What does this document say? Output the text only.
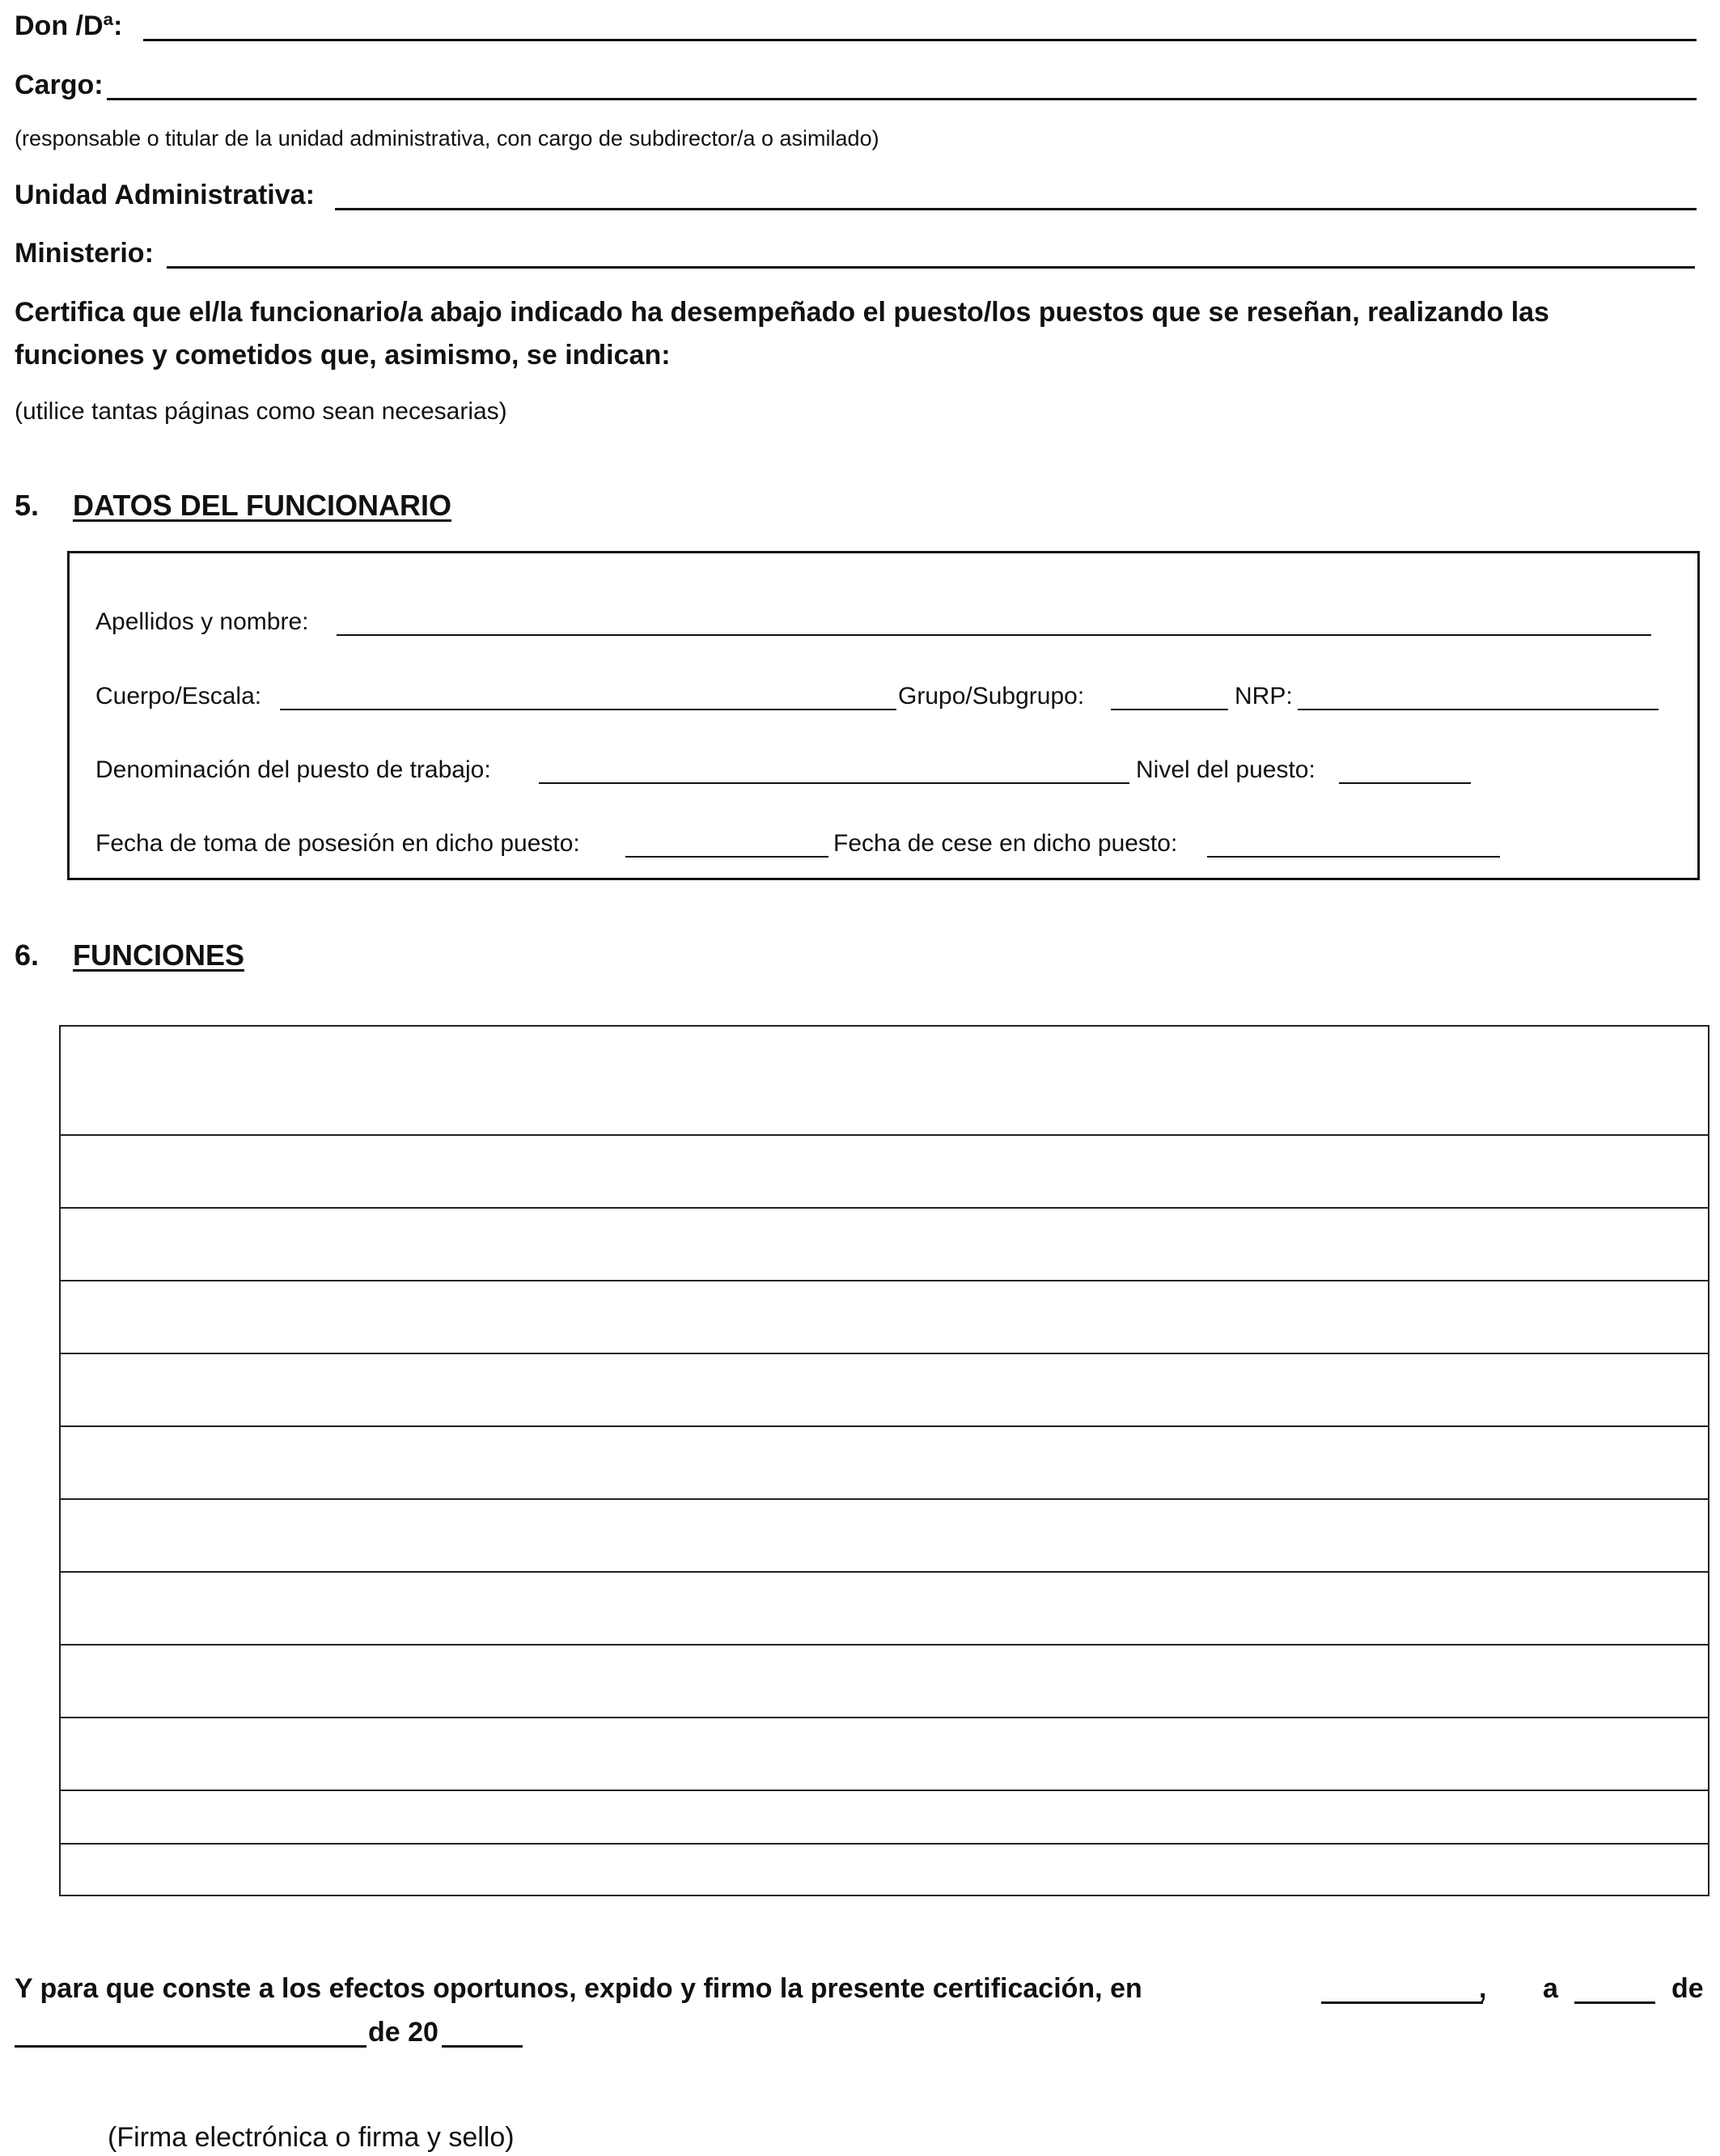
Don /Dª:
Cargo:
(responsable o titular de la unidad administrativa, con cargo de subdirector/a o asimilado)
Unidad Administrativa:
Ministerio:
Certifica que el/la funcionario/a abajo indicado ha desempeñado el puesto/los puestos que se reseñan, realizando las
funciones y cometidos que, asimismo, se indican:
(utilice tantas páginas como sean necesarias)
5. DATOS DEL FUNCIONARIO
Apellidos y nombre:
Cuerpo/Escala:	Grupo/Subgrupo:	NRP:
Denominación del puesto de trabajo:	Nivel del puesto:
Fecha de toma de posesión en dicho puesto:	Fecha de cese en dicho puesto:
6. FUNCIONES
Y para que conste a los efectos oportunos, expido y firmo la presente certificación, en	, a	de
de 20
(Firma electrónica o firma y sello)
